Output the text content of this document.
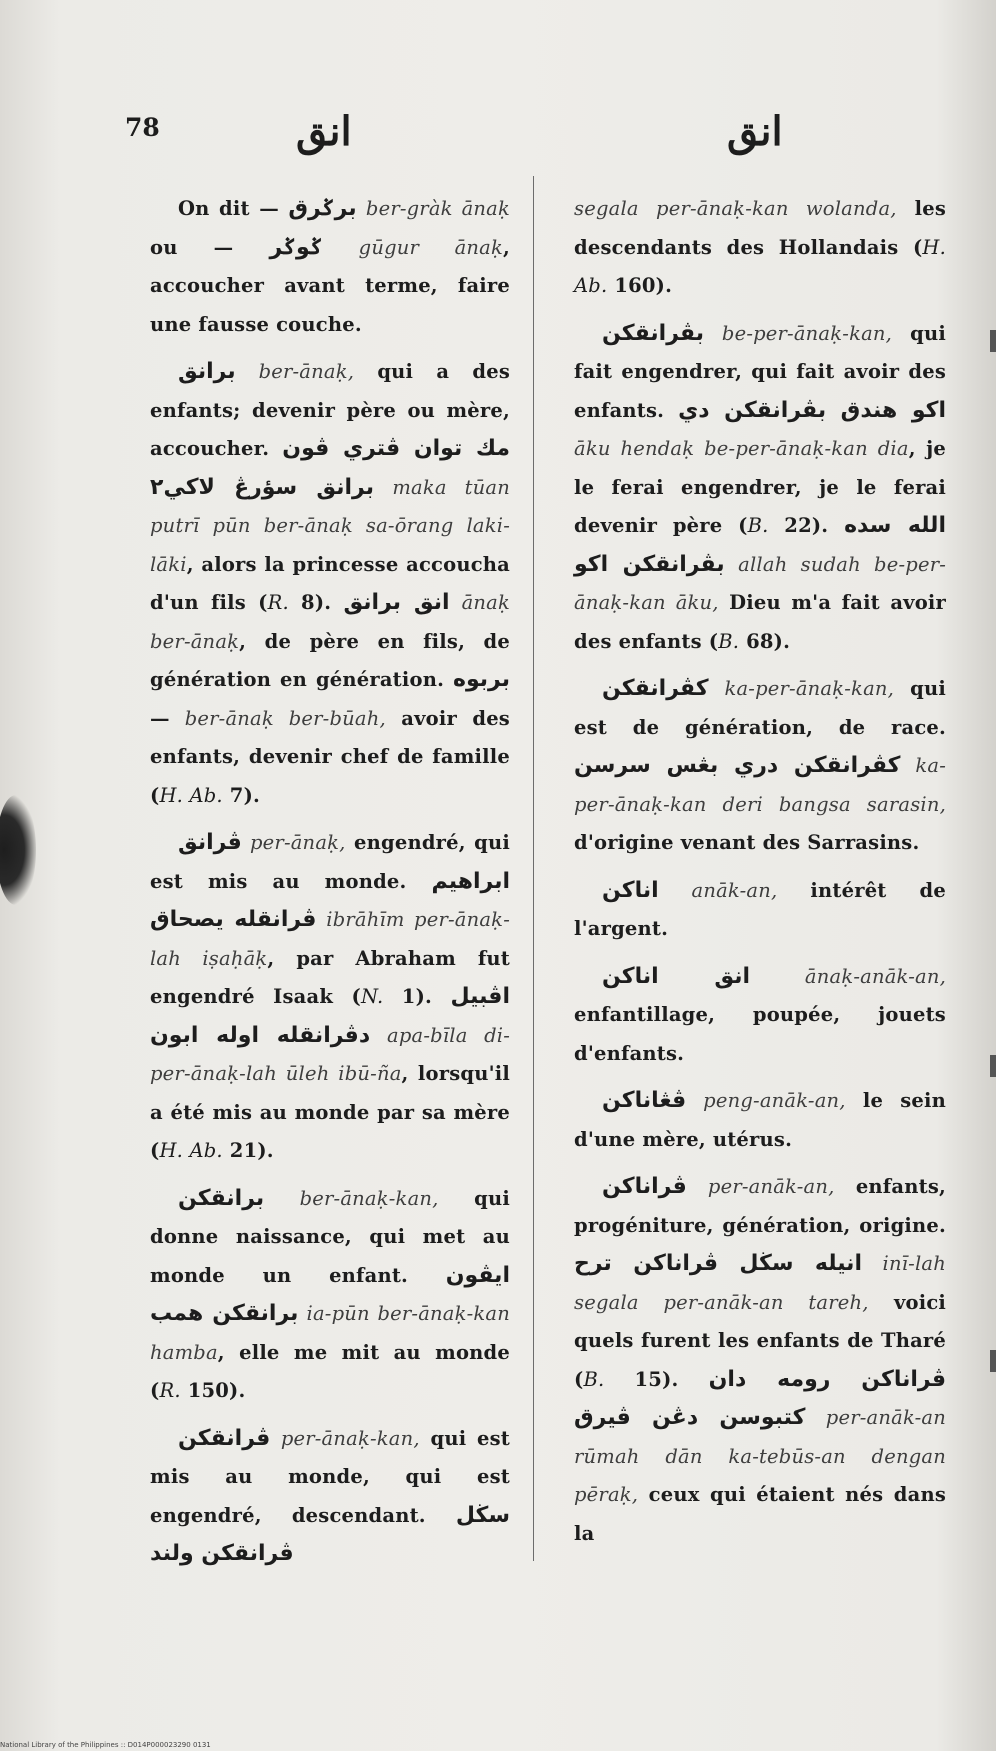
78	انق	انق

On dit — برݢرق ber-gràk ānaḳ ou — ݢوݢر gūgur ānaḳ, accoucher avant terme, faire une fausse couche.

برانق ber-ānaḳ, qui a des enfants; devenir père ou mère, accoucher. مك توان ڤتري ڤون برانق سؤرڠ لاكي٢ maka tūan putrī pūn ber-ānaḳ sa-ōrang laki-lāki, alors la princesse accoucha d'un fils (R. 8). انق برانق ānaḳ ber-ānaḳ, de père en fils, de génération en génération. بربوه — ber-ānaḳ ber-būah, avoir des enfants, devenir chef de famille (H. Ab. 7).

ڤرانق per-ānaḳ, engendré, qui est mis au monde. ابراهيم ڤرانقله يصحاق ibrāhīm per-ānaḳ-lah iṣaḥāḳ, par Abraham fut engendré Isaak (N. 1). اڤبيل دڤرانقله اوله ابون apa-bīla di-per-ānaḳ-lah ūleh ibū-ña, lorsqu'il a été mis au monde par sa mère (H. Ab. 21).

برانقكن ber-ānaḳ-kan, qui donne naissance, qui met au monde un enfant. ايڤون برانقكن همب ia-pūn ber-ānaḳ-kan hamba, elle me mit au monde (R. 150).

ڤرانقكن per-ānaḳ-kan, qui est mis au monde, qui est engendré, descendant. سڬل ڤرانقكن ولند

segala per-ānaḳ-kan wolanda, les descendants des Hollandais (H. Ab. 160).

بڤرانقكن be-per-ānaḳ-kan, qui fait engendrer, qui fait avoir des enfants. اكو هندق بڤرانقكن دي āku hendaḳ be-per-ānaḳ-kan dia, je le ferai engendrer, je le ferai devenir père (B. 22). الله سده بڤرانقكن اكو allah sudah be-per-ānaḳ-kan āku, Dieu m'a fait avoir des enfants (B. 68).

كڤرانقكن ka-per-ānaḳ-kan, qui est de génération, de race. كڤرانقكن دري بڠس سرسن ka-per-ānaḳ-kan deri bangsa sarasin, d'origine venant des Sarrasins.

اناكن anāk-an, intérêt de l'argent.

انق اناكن	ānaḳ-anāk-an, enfantillage, poupée, jouets d'enfants.

ڤڠاناكن peng-anāk-an, le sein d'une mère, utérus.

ڤراناكن per-anāk-an, enfants, progéniture, génération, origine. انيله سڬل ڤراناكن ترح inī-lah segala per-anāk-an tareh, voici quels furent les enfants de Tharé (B. 15). ڤراناكن رومه دان كتبوسن دڠن ڤيرق per-anāk-an rūmah dān ka-tebūs-an dengan pēraḳ, ceux qui étaient nés dans la

National Library of the Philippines :: D014P000023290 0131
